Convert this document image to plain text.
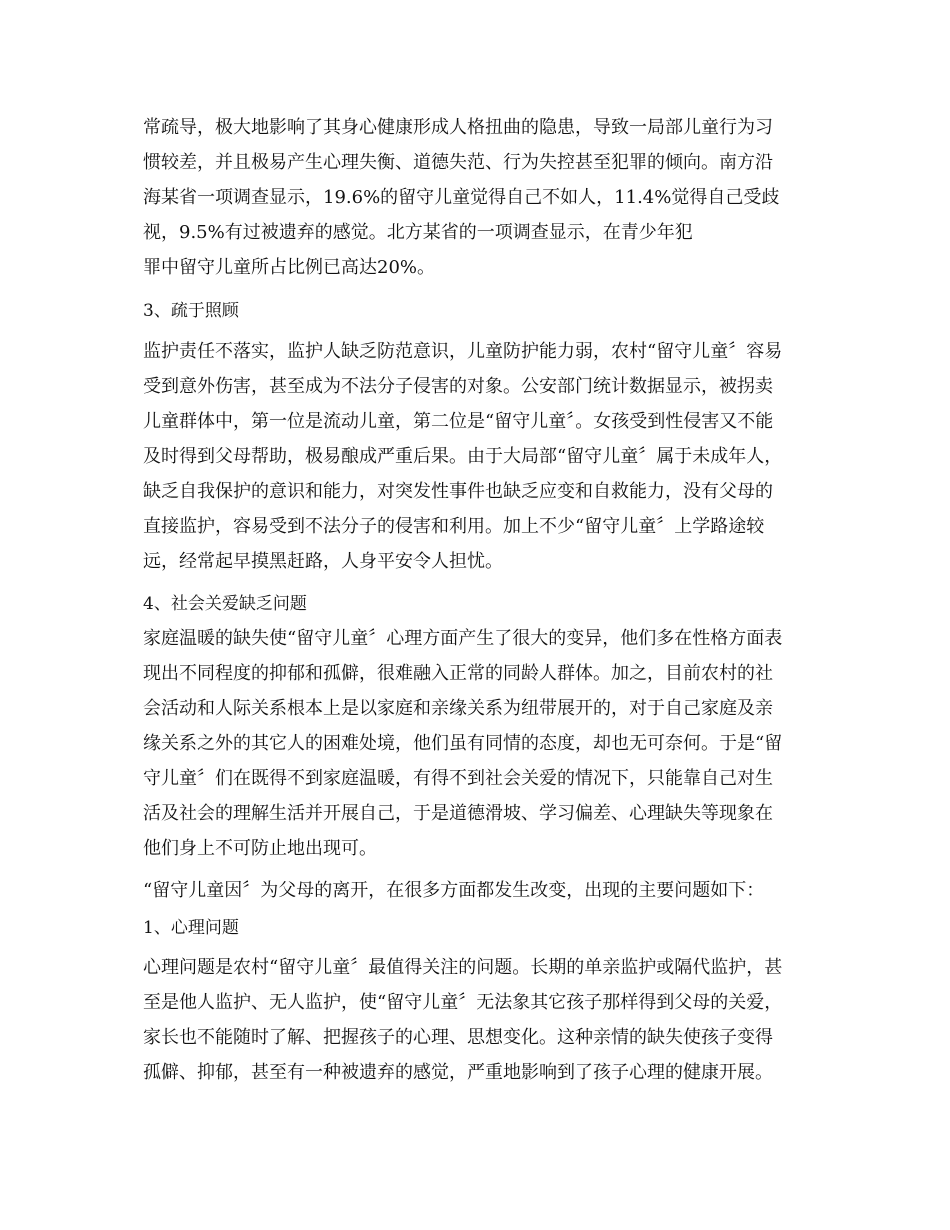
常疏导，极大地影响了其身心健康形成人格扭曲的隐患，导致一局部儿童行为习
惯较差，并且极易产生心理失衡、道德失范、行为失控甚至犯罪的倾向。南方沿
海某省一项调查显示，19.6%的留守儿童觉得自己不如人，11.4%觉得自己受歧
视，9.5%有过被遗弃的感觉。北方某省的一项调查显示，在青少年犯
罪中留守儿童所占比例已高达20%。
3、疏于照顾
监护责任不落实，监护人缺乏防范意识，儿童防护能力弱，农村“留守儿童〞容易
受到意外伤害，甚至成为不法分子侵害的对象。公安部门统计数据显示，被拐卖
儿童群体中，第一位是流动儿童，第二位是“留守儿童〞。女孩受到性侵害又不能
及时得到父母帮助，极易酿成严重后果。由于大局部“留守儿童〞属于未成年人，
缺乏自我保护的意识和能力，对突发性事件也缺乏应变和自救能力，没有父母的
直接监护，容易受到不法分子的侵害和利用。加上不少“留守儿童〞上学路途较
远，经常起早摸黑赶路，人身平安令人担忧。
4、社会关爱缺乏问题
家庭温暖的缺失使“留守儿童〞心理方面产生了很大的变异，他们多在性格方面表
现出不同程度的抑郁和孤僻，很难融入正常的同龄人群体。加之，目前农村的社
会活动和人际关系根本上是以家庭和亲缘关系为纽带展开的，对于自己家庭及亲
缘关系之外的其它人的困难处境，他们虽有同情的态度，却也无可奈何。于是“留
守儿童〞们在既得不到家庭温暖，有得不到社会关爱的情况下，只能靠自己对生
活及社会的理解生活并开展自己，于是道德滑坡、学习偏差、心理缺失等现象在
他们身上不可防止地出现可。
“留守儿童因〞为父母的离开，在很多方面都发生改变，出现的主要问题如下：
1、心理问题
心理问题是农村“留守儿童〞最值得关注的问题。长期的单亲监护或隔代监护，甚
至是他人监护、无人监护，使“留守儿童〞无法象其它孩子那样得到父母的关爱，
家长也不能随时了解、把握孩子的心理、思想变化。这种亲情的缺失使孩子变得
孤僻、抑郁，甚至有一种被遗弃的感觉，严重地影响到了孩子心理的健康开展。
